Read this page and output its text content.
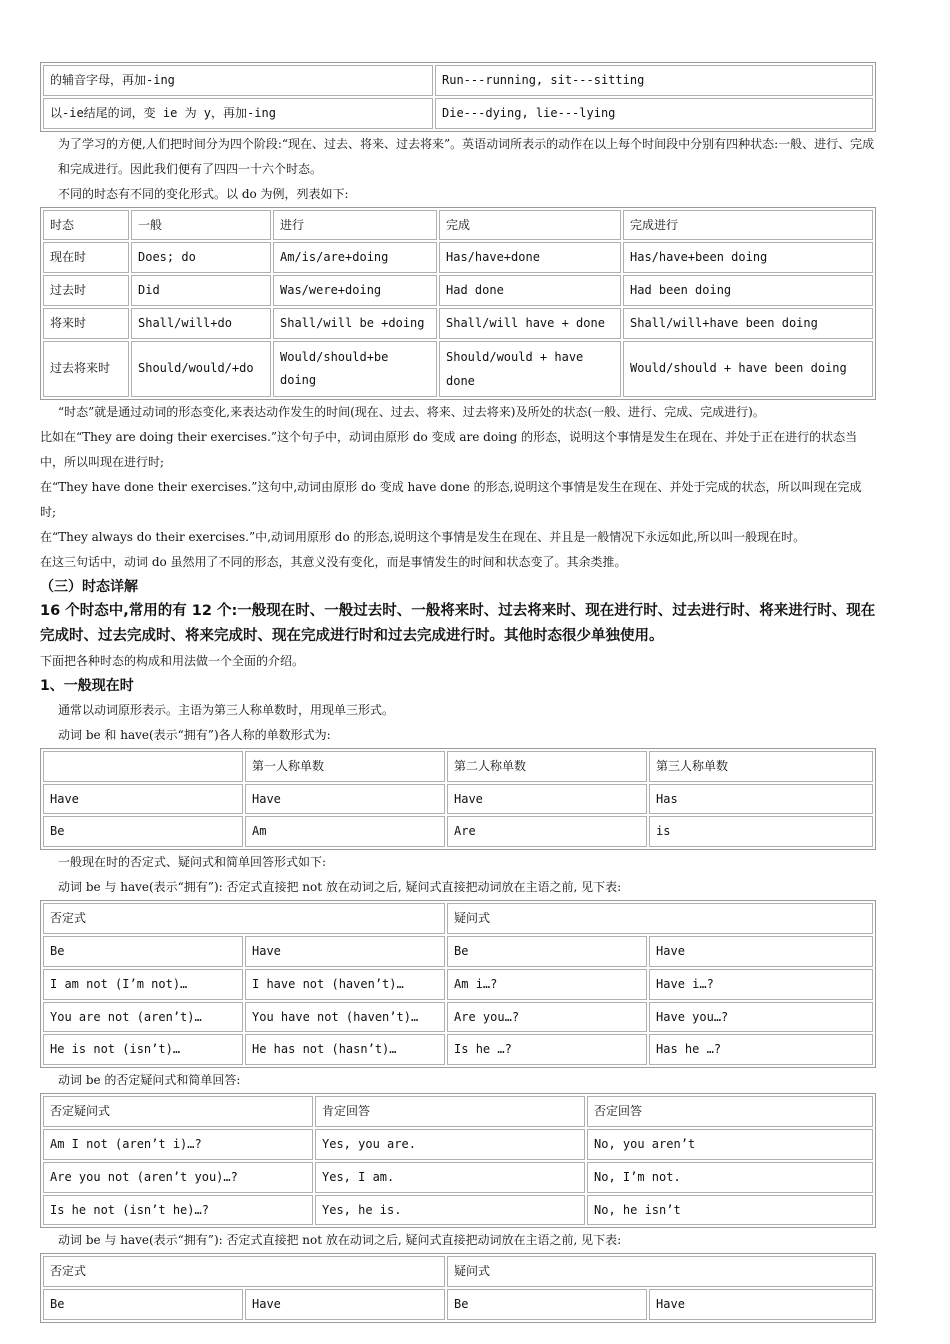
的辅音字母，再加-ing	Run---running, sit---sitting
以-ie结尾的词，变 ie 为 y，再加-ing	Die---dying, lie---lying

为了学习的方便,人们把时间分为四个阶段:“现在、过去、将来、过去将来”。英语动词所表示的动作在以上每个时间段中分别有四种状态:一般、进行、完成和完成进行。因此我们便有了四四一十六个时态。

不同的时态有不同的变化形式。以 do 为例，列表如下:

时态	一般	进行	完成	完成进行
现在时	Does; do	Am/is/are+doing	Has/have+done	Has/have+been doing
过去时	Did	Was/were+doing	Had done	Had been doing
将来时	Shall/will+do	Shall/will be +doing	Shall/will have + done	Shall/will+have been doing
过去将来时	Should/would/+do	Would/should+be doing	Should/would + have done	Would/should + have been doing

“时态”就是通过动词的形态变化,来表达动作发生的时间(现在、过去、将来、过去将来)及所处的状态(一般、进行、完成、完成进行)。

比如在“They are doing their exercises.”这个句子中，动词由原形 do 变成 are doing 的形态，说明这个事情是发生在现在、并处于正在进行的状态当中，所以叫现在进行时;

在“They have done their exercises.”这句中,动词由原形 do 变成 have done 的形态,说明这个事情是发生在现在、并处于完成的状态，所以叫现在完成时;

在“They always do their exercises.”中,动词用原形 do 的形态,说明这个事情是发生在现在、并且是一般情况下永远如此,所以叫一般现在时。

在这三句话中，动词 do 虽然用了不同的形态，其意义没有变化，而是事情发生的时间和状态变了。其余类推。

（三）时态详解

16 个时态中,常用的有 12 个:一般现在时、一般过去时、一般将来时、过去将来时、现在进行时、过去进行时、将来进行时、现在完成时、过去完成时、将来完成时、现在完成进行时和过去完成进行时。其他时态很少单独使用。

下面把各种时态的构成和用法做一个全面的介绍。

1、一般现在时

通常以动词原形表示。主语为第三人称单数时，用现单三形式。

动词 be 和 have(表示“拥有”)各人称的单数形式为:

	第一人称单数	第二人称单数	第三人称单数
Have	Have	Have	Has
Be	Am	Are	is

一般现在时的否定式、疑问式和简单回答形式如下:

动词 be 与 have(表示“拥有”): 否定式直接把 not 放在动词之后, 疑问式直接把动词放在主语之前, 见下表:

否定式		疑问式	
Be	Have	Be	Have
I am not (I’m not)…	I have not (haven’t)…	Am i…?	Have i…?
You are not (aren’t)…	You have not (haven’t)…	Are you…?	Have you…?
He is not (isn’t)…	He has not (hasn’t)…	Is he …?	Has he …?

动词 be 的否定疑问式和简单回答:

否定疑问式	肯定回答	否定回答
Am I not (aren’t i)…?	Yes, you are.	No, you aren’t
Are you not (aren’t you)…?	Yes, I am.	No, I’m not.
Is he not (isn’t he)…?	Yes, he is.	No, he isn’t

动词 be 与 have(表示“拥有”): 否定式直接把 not 放在动词之后, 疑问式直接把动词放在主语之前, 见下表:

否定式		疑问式	
Be	Have	Be	Have
